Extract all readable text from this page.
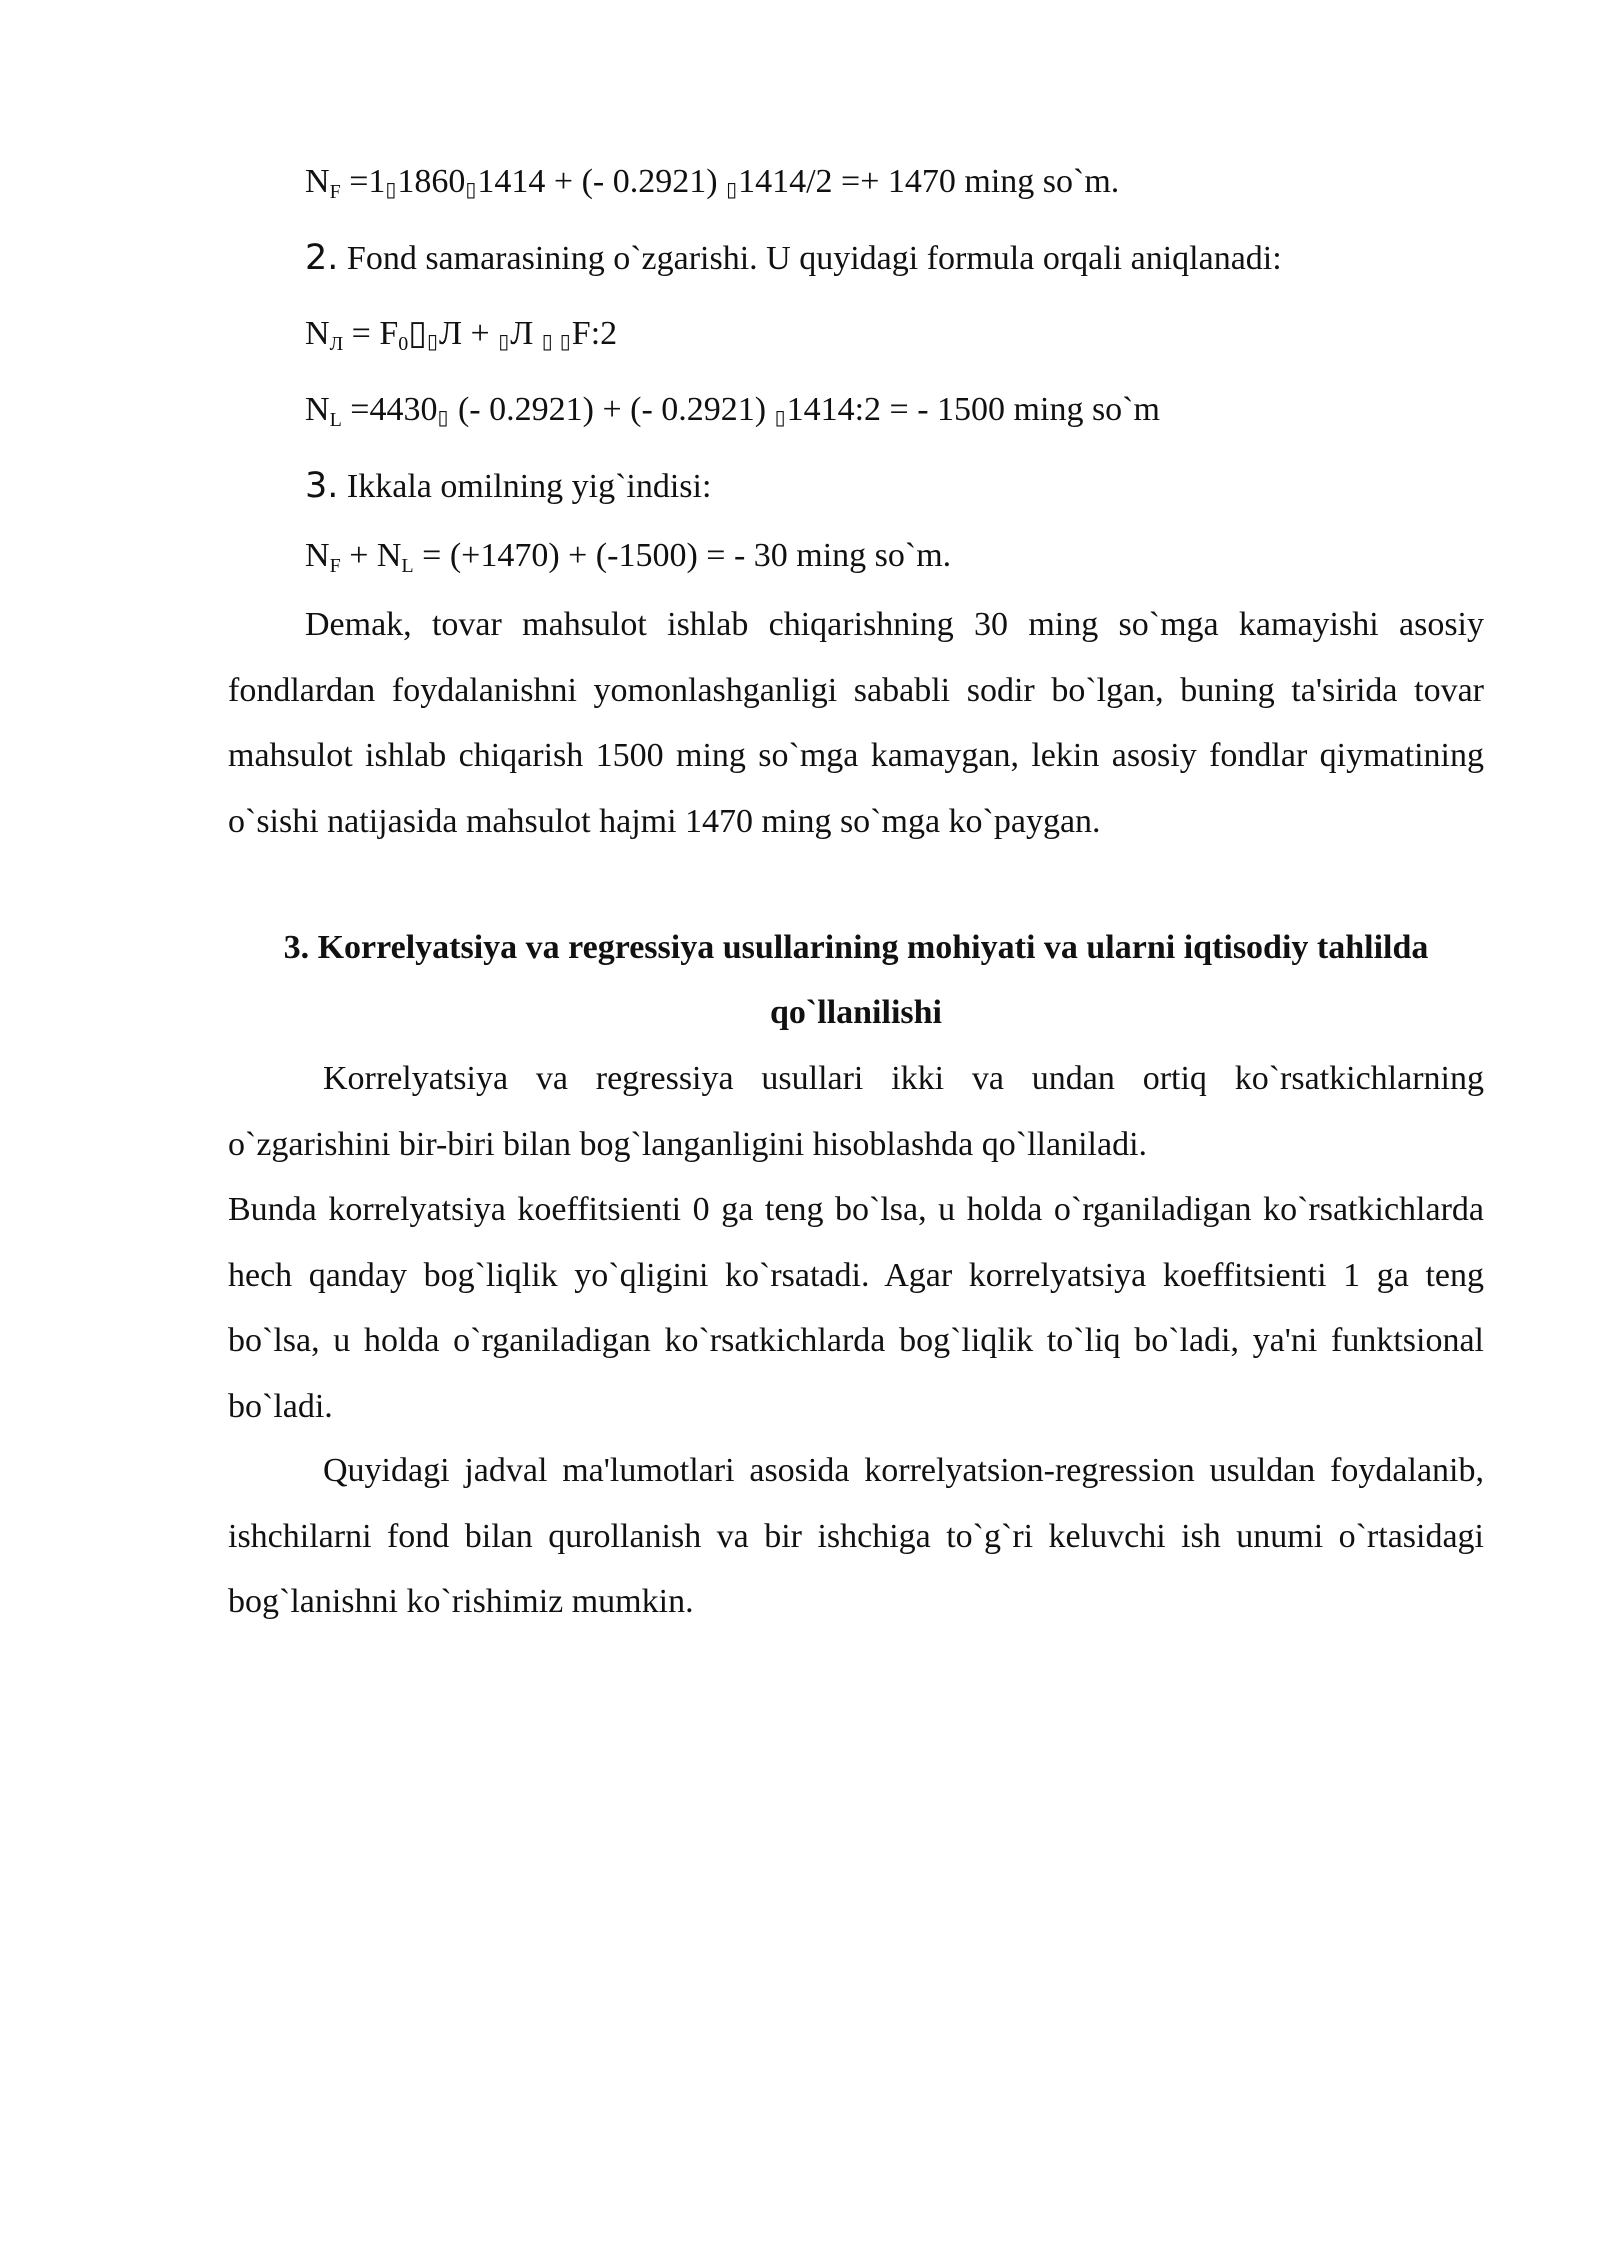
NF =1▯1860▯1414 + (- 0.2921) ▯1414/2 =+ 1470 ming so`m.
2. Fond samarasining o`zgarishi. U quyidagi formula orqali aniqlanadi:
NЛ = F0▯▯Л + ▯Л ▯ ▯F:2
NL =4430▯ (- 0.2921) + (- 0.2921) ▯1414:2 = - 1500 ming so`m
3. Ikkala omilning yig`indisi:
NF + NL = (+1470) + (-1500) = - 30 ming so`m.

Demak, tovar mahsulot ishlab chiqarishning 30 ming so`mga kamayishi asosiy fondlardan foydalanishni yomonlashganligi sababli sodir bo`lgan, buning ta'sirida tovar mahsulot ishlab chiqarish 1500 ming so`mga kamaygan, lekin asosiy fondlar qiymatining o`sishi natijasida mahsulot hajmi 1470 ming so`mga ko`paygan.

3. Korrelyatsiya va regressiya usullarining mohiyati va ularni iqtisodiy tahlilda qo`llanilishi

Korrelyatsiya va regressiya usullari ikki va undan ortiq ko`rsatkichlarning o`zgarishini bir-biri bilan bog`langanligini hisoblashda qo`llaniladi.

Bunda korrelyatsiya koeffitsienti 0 ga teng bo`lsa, u holda o`rganiladigan ko`rsatkichlarda hech qanday bog`liqlik yo`qligini ko`rsatadi. Agar korrelyatsiya koeffitsienti 1 ga teng bo`lsa, u holda o`rganiladigan ko`rsatkichlarda bog`liqlik to`liq bo`ladi, ya'ni funktsional bo`ladi.

Quyidagi jadval ma'lumotlari asosida korrelyatsion-regression usuldan foydalanib, ishchilarni fond bilan qurollanish va bir ishchiga to`g`ri keluvchi ish unumi o`rtasidagi bog`lanishni ko`rishimiz mumkin.
